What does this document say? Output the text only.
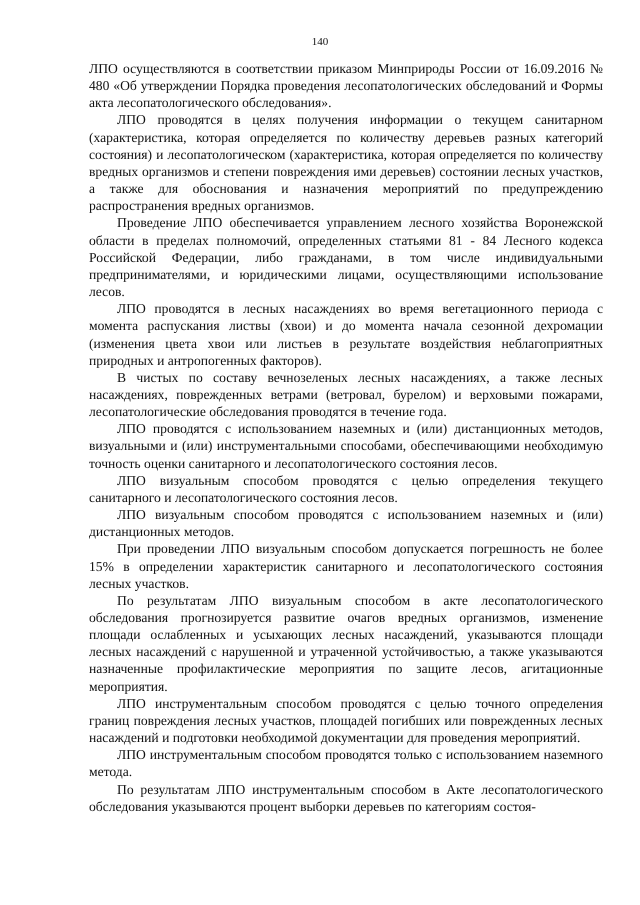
140

ЛПО осуществляются в соответствии приказом Минприроды России от 16.09.2016 № 480 «Об утверждении Порядка проведения лесопатологических обследований и Формы акта лесопатологического обследования».

ЛПО проводятся в целях получения информации о текущем санитарном (характеристика, которая определяется по количеству деревьев разных категорий состояния) и лесопатологическом (характеристика, которая определяется по количеству вредных организмов и степени повреждения ими деревьев) состоянии лесных участков, а также для обоснования и назначения мероприятий по предупреждению распространения вредных организмов.

Проведение ЛПО обеспечивается управлением лесного хозяйства Воронежской области в пределах полномочий, определенных статьями 81 - 84 Лесного кодекса Российской Федерации, либо гражданами, в том числе индивидуальными предпринимателями, и юридическими лицами, осуществляющими использование лесов.

ЛПО проводятся в лесных насаждениях во время вегетационного периода с момента распускания листвы (хвои) и до момента начала сезонной дехромации (изменения цвета хвои или листьев в результате воздействия неблагоприятных природных и антропогенных факторов).

В чистых по составу вечнозеленых лесных насаждениях, а также лесных насаждениях, поврежденных ветрами (ветровал, бурелом) и верховыми пожарами, лесопатологические обследования проводятся в течение года.

ЛПО проводятся с использованием наземных и (или) дистанционных методов, визуальными и (или) инструментальными способами, обеспечивающими необходимую точность оценки санитарного и лесопатологического состояния лесов.

ЛПО визуальным способом проводятся с целью определения текущего санитарного и лесопатологического состояния лесов.

ЛПО визуальным способом проводятся с использованием наземных и (или) дистанционных методов.

При проведении ЛПО визуальным способом допускается погрешность не более 15% в определении характеристик санитарного и лесопатологического состояния лесных участков.

По результатам ЛПО визуальным способом в акте лесопатологического обследования прогнозируется развитие очагов вредных организмов, изменение площади ослабленных и усыхающих лесных насаждений, указываются площади лесных насаждений с нарушенной и утраченной устойчивостью, а также указываются назначенные профилактические мероприятия по защите лесов, агитационные мероприятия.

ЛПО инструментальным способом проводятся с целью точного определения границ повреждения лесных участков, площадей погибших или поврежденных лесных насаждений и подготовки необходимой документации для проведения мероприятий.

ЛПО инструментальным способом проводятся только с использованием наземного метода.

По результатам ЛПО инструментальным способом в Акте лесопатологического обследования указываются процент выборки деревьев по категориям состоя-
